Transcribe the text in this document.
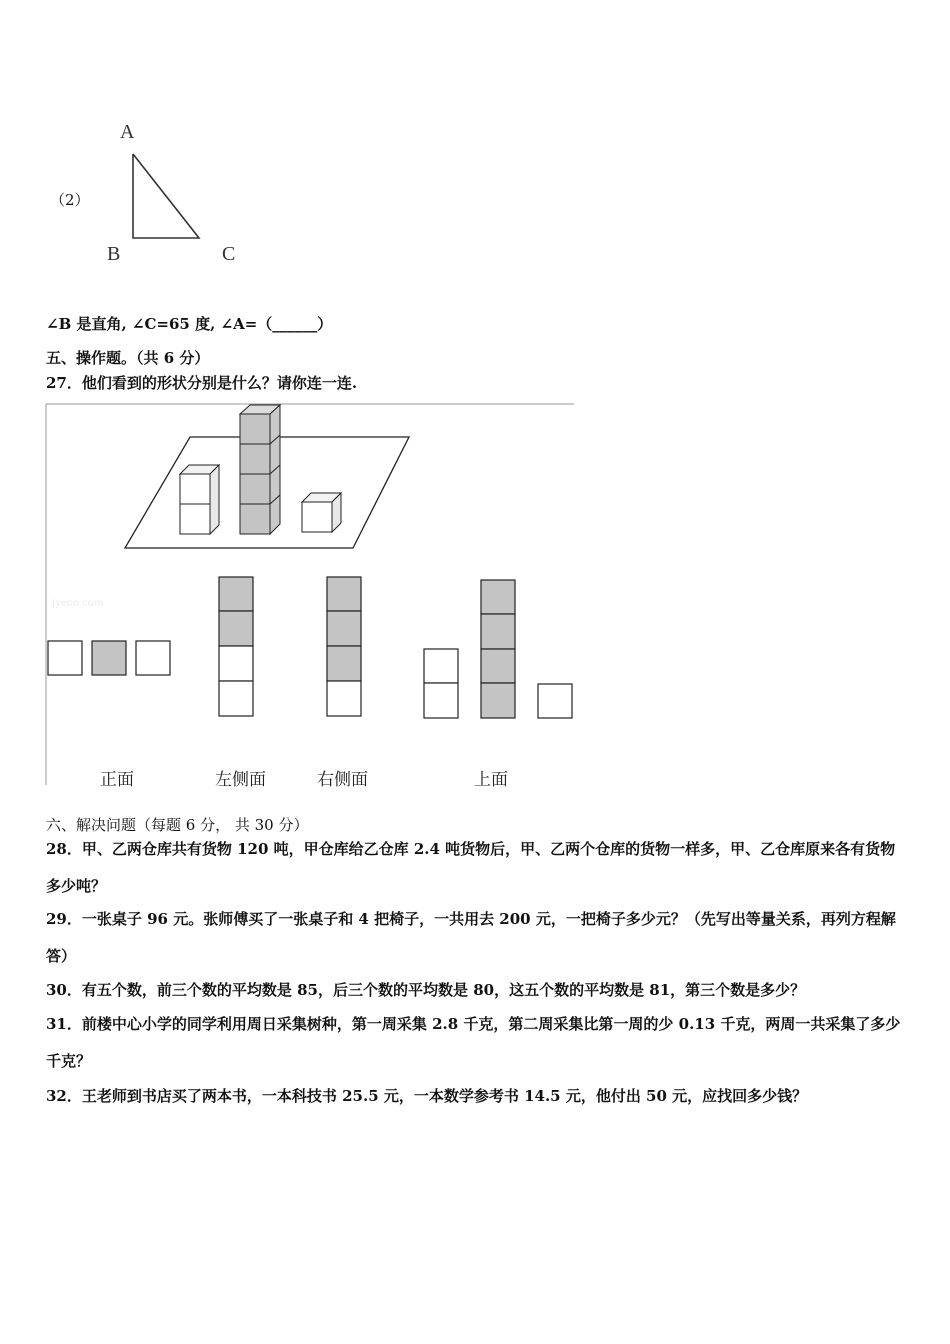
（2）
A
B	C
∠B 是直角, ∠C=65 度, ∠A=（______）
五、操作题。（共 6 分）
27．他们看到的形状分别是什么？请你连一连.
Jyeoo.com
正面	左侧面	右侧面	上面
六、解决问题（每题 6 分， 共 30 分）
28．甲、乙两仓库共有货物 120 吨，甲仓库给乙仓库 2.4 吨货物后，甲、乙两个仓库的货物一样多，甲、乙仓库原来各有货物多少吨？
29．一张桌子 96 元。张师傅买了一张桌子和 4 把椅子，一共用去 200 元，一把椅子多少元？（先写出等量关系，再列方程解答）
30．有五个数，前三个数的平均数是 85，后三个数的平均数是 80，这五个数的平均数是 81，第三个数是多少？
31．前楼中心小学的同学利用周日采集树种，第一周采集 2.8 千克，第二周采集比第一周的少 0.13 千克，两周一共采集了多少千克？
32．王老师到书店买了两本书，一本科技书 25.5 元，一本数学参考书 14.5 元，他付出 50 元，应找回多少钱？
